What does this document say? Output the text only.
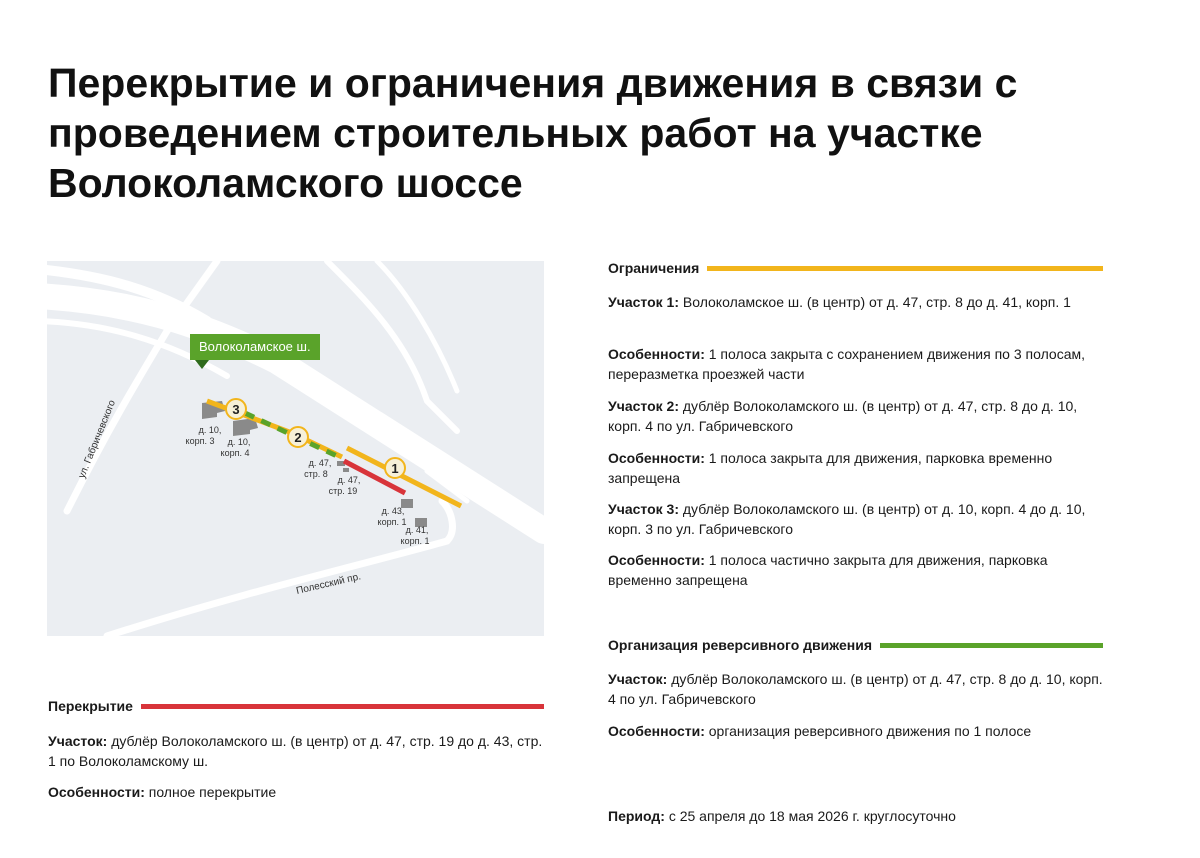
Перекрытие и ограничения движения в связи с проведением строительных работ на участке Волоколамского шоссе
3
2
1
ул. Габричевского
Полесский пр.
д. 10, корп. 3	д. 10, корп. 4
д. 47, стр. 8
д. 47, стр. 19
д. 43, корп. 1
д. 41, корп. 1
Волоколамское ш.
Перекрытие

Участок: дублёр Волоколамского ш. (в центр) от д. 47, стр. 19 до д. 43, стр. 1 по Волоколамскому ш.

Особенности: полное перекрытие

Ограничения

Участок 1: Волоколамское ш. (в центр) от д. 47, стр. 8 до д. 41, корп. 1

Особенности: 1 полоса закрыта с сохранением движения по 3 полосам, переразметка проезжей части

Участок 2: дублёр Волоколамского ш. (в центр) от д. 47, стр. 8 до д. 10, корп. 4 по ул. Габричевского

Особенности: 1 полоса закрыта для движения, парковка временно запрещена

Участок 3: дублёр Волоколамского ш. (в центр) от д. 10, корп. 4 до д. 10, корп. 3 по ул. Габричевского

Особенности: 1 полоса частично закрыта для движения, парковка временно запрещена

Организация реверсивного движения

Участок: дублёр Волоколамского ш. (в центр) от д. 47, стр. 8 до д. 10, корп. 4 по ул. Габричевского

Особенности: организация реверсивного движения по 1 полосе

Период: с 25 апреля до 18 мая 2026 г. круглосуточно
